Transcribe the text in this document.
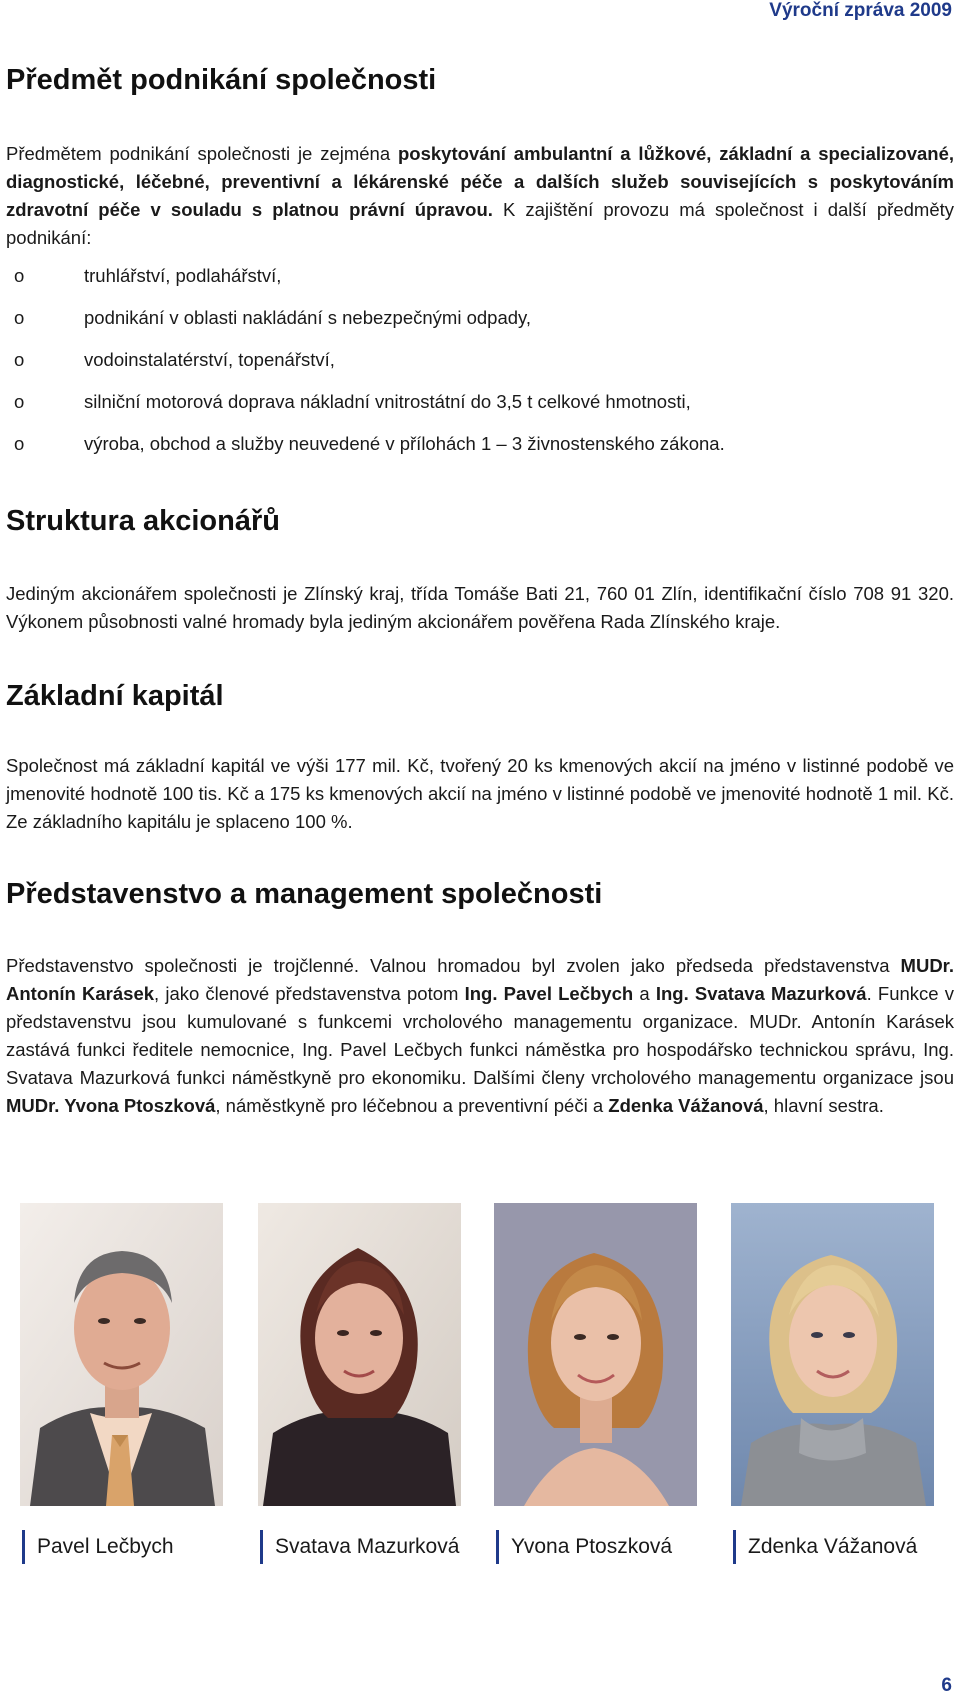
Výroční zpráva 2009
Předmět podnikání společnosti

Předmětem podnikání společnosti je zejména poskytování ambulantní a lůžkové, základní a specializované, diagnostické, léčebné, preventivní a lékárenské péče a dalších služeb souvisejících s poskytováním zdravotní péče v souladu s platnou právní úpravou. K zajištění provozu má společnost i další předměty podnikání:

o	truhlářství, podlahářství,
o	podnikání v oblasti nakládání s nebezpečnými odpady,
o	vodoinstalatérství, topenářství,
o	silniční motorová doprava nákladní vnitrostátní do 3,5 t celkové hmotnosti,
o	výroba, obchod a služby neuvedené v přílohách 1 – 3 živnostenského zákona.
Struktura akcionářů

Jediným akcionářem společnosti je Zlínský kraj, třída Tomáše Bati 21, 760 01 Zlín, identifikační číslo 708 91 320. Výkonem působnosti valné hromady byla jediným akcionářem pověřena Rada Zlínského kraje.

Základní kapitál

Společnost má základní kapitál ve výši 177 mil. Kč, tvořený 20 ks kmenových akcií na jméno v listinné podobě ve jmenovité hodnotě 100 tis. Kč a 175 ks kmenových akcií na jméno v listinné podobě ve jmenovité hodnotě 1 mil. Kč. Ze základního kapitálu je splaceno 100 %.

Představenstvo a management společnosti

Představenstvo společnosti je trojčlenné. Valnou hromadou byl zvolen jako předseda představenstva MUDr. Antonín Karásek, jako členové představenstva potom Ing. Pavel Lečbych a Ing. Svatava Mazurková. Funkce v představenstvu jsou kumulované s funkcemi vrcholového managementu organizace. MUDr. Antonín Karásek zastává funkci ředitele nemocnice, Ing. Pavel Lečbych funkci náměstka pro hospodářsko technickou správu, Ing. Svatava Mazurková funkci náměstkyně pro ekonomiku. Dalšími členy vrcholového managementu organizace jsou MUDr. Yvona Ptoszková, náměstkyně pro léčebnou a preventivní péči a Zdenka Vážanová, hlavní sestra.

Pavel Lečbych	Svatava Mazurková	Yvona Ptoszková	Zdenka Vážanová
6
